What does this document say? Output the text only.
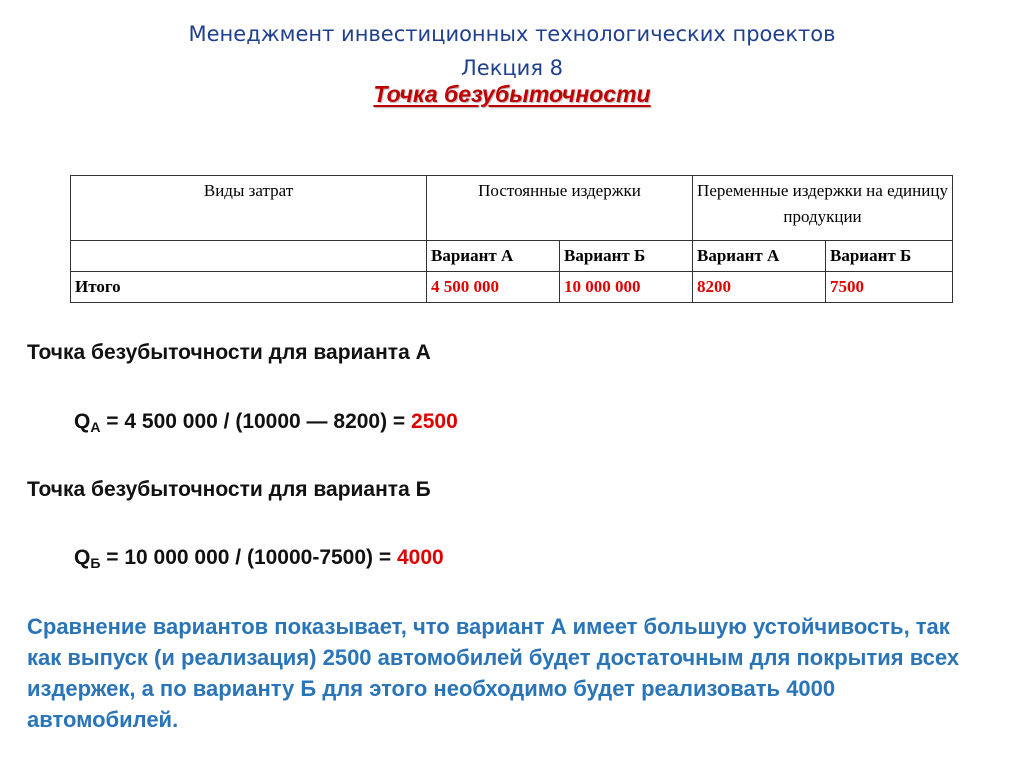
Менеджмент инвестиционных технологических проектов
Лекция 8
Точка безубыточности
Виды затрат	Постоянные издержки		Переменные издержки на единицу продукции	
	Вариант А	Вариант Б	Вариант А	Вариант Б
Итого	4 500 000	10 000 000	8200	7500
Точка безубыточности для варианта А
$Q_А = 4$ 500 000 / (10000 — 8200) = 2500
Точка безубыточности для варианта Б
$Q_Б = 10$ 000 000 / (10000-7500) = 4000
Сравнение вариантов показывает, что вариант А имеет большую устойчивость, так как выпуск (и реализация) 2500 автомобилей будет достаточным для покрытия всех издержек, а по варианту Б для этого необходимо будет реализовать 4000 автомобилей.
